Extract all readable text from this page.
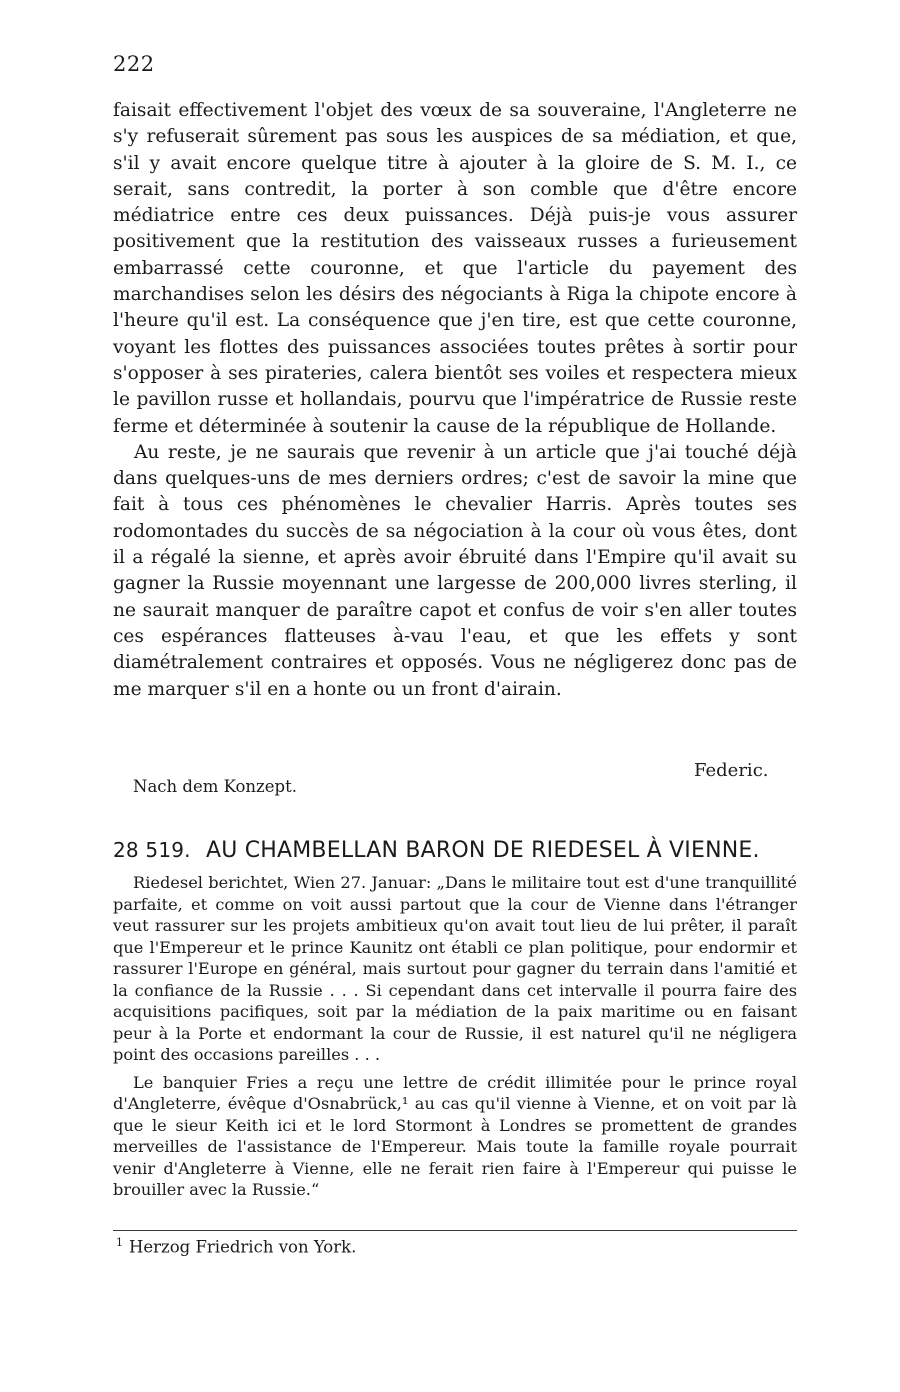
222

faisait effectivement l'objet des vœux de sa souveraine, l'Angleterre ne s'y refuserait sûrement pas sous les auspices de sa médiation, et que, s'il y avait encore quelque titre à ajouter à la gloire de S. M. I., ce serait, sans contredit, la porter à son comble que d'être encore médiatrice entre ces deux puissances. Déjà puis-je vous assurer positivement que la restitution des vaisseaux russes a furieusement embarrassé cette couronne, et que l'article du payement des marchandises selon les désirs des négociants à Riga la chipote encore à l'heure qu'il est. La conséquence que j'en tire, est que cette couronne, voyant les flottes des puissances associées toutes prêtes à sortir pour s'opposer à ses pirateries, calera bientôt ses voiles et respectera mieux le pavillon russe et hollandais, pourvu que l'impératrice de Russie reste ferme et déterminée à soutenir la cause de la république de Hollande.

Au reste, je ne saurais que revenir à un article que j'ai touché déjà dans quelques-uns de mes derniers ordres; c'est de savoir la mine que fait à tous ces phénomènes le chevalier Harris. Après toutes ses rodomontades du succès de sa négociation à la cour où vous êtes, dont il a régalé la sienne, et après avoir ébruité dans l'Empire qu'il avait su gagner la Russie moyennant une largesse de 200,000 livres sterling, il ne saurait manquer de paraître capot et confus de voir s'en aller toutes ces espérances flatteuses à-vau l'eau, et que les effets y sont diamétralement contraires et opposés. Vous ne négligerez donc pas de me marquer s'il en a honte ou un front d'airain.

Federic.
Nach dem Konzept.
28 519. AU CHAMBELLAN BARON DE RIEDESEL À VIENNE.

Riedesel berichtet, Wien 27. Januar: „Dans le militaire tout est d'une tranquillité parfaite, et comme on voit aussi partout que la cour de Vienne dans l'étranger veut rassurer sur les projets ambitieux qu'on avait tout lieu de lui prêter, il paraît que l'Empereur et le prince Kaunitz ont établi ce plan politique, pour endormir et rassurer l'Europe en général, mais surtout pour gagner du terrain dans l'amitié et la confiance de la Russie . . . Si cependant dans cet intervalle il pourra faire des acquisitions pacifiques, soit par la médiation de la paix maritime ou en faisant peur à la Porte et endormant la cour de Russie, il est naturel qu'il ne négligera point des occasions pareilles . . .

Le banquier Fries a reçu une lettre de crédit illimitée pour le prince royal d'Angleterre, évêque d'Osnabrück,¹ au cas qu'il vienne à Vienne, et on voit par là que le sieur Keith ici et le lord Stormont à Londres se promettent de grandes merveilles de l'assistance de l'Empereur. Mais toute la famille royale pourrait venir d'Angleterre à Vienne, elle ne ferait rien faire à l'Empereur qui puisse le brouiller avec la Russie.“

$^1$ Herzog Friedrich von York.
